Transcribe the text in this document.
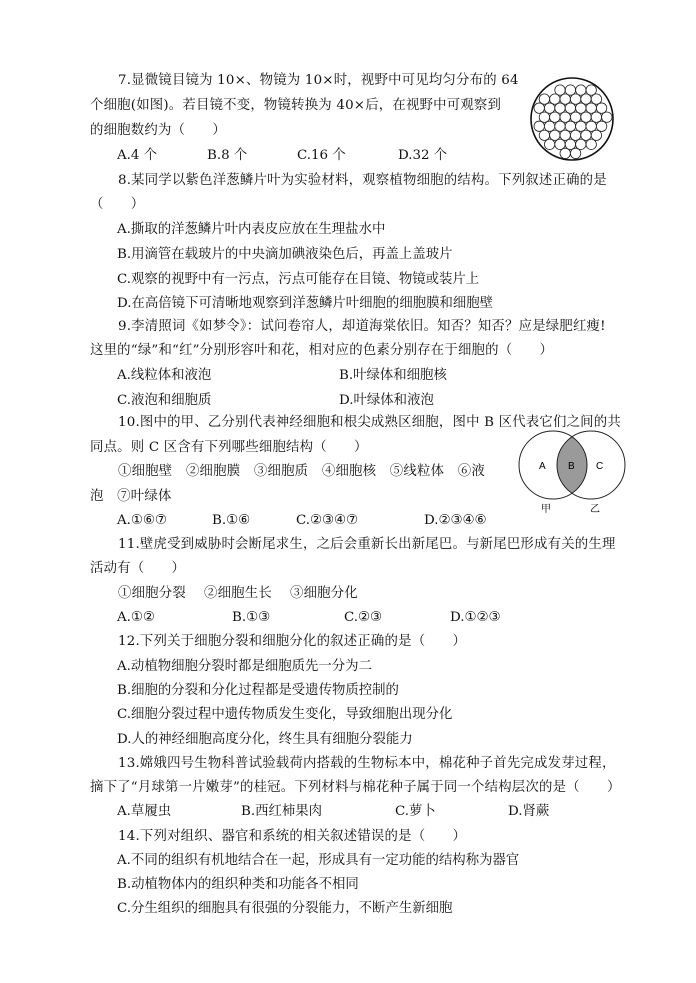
7.显微镜目镜为 10×、物镜为 10×时，视野中可见均匀分布的 64
个细胞(如图)。若目镜不变，物镜转换为 40×后，在视野中可观察到
的细胞数约为（　　）
A.4 个	B.8 个	C.16 个	D.32 个
8.某同学以紫色洋葱鳞片叶为实验材料，观察植物细胞的结构。下列叙述正确的是
（　　）
A.撕取的洋葱鳞片叶内表皮应放在生理盐水中
B.用滴管在载玻片的中央滴加碘液染色后，再盖上盖玻片
C.观察的视野中有一污点，污点可能存在目镜、物镜或装片上
D.在高倍镜下可清晰地观察到洋葱鳞片叶细胞的细胞膜和细胞壁
9.李清照词《如梦令》：试问卷帘人，却道海棠依旧。知否？知否？应是绿肥红瘦!
这里的“绿”和“红”分别形容叶和花，相对应的色素分别存在于细胞的（　　）
A.线粒体和液泡	B.叶绿体和细胞核
C.液泡和细胞质	D.叶绿体和液泡
10.图中的甲、乙分别代表神经细胞和根尖成熟区细胞，图中 B 区代表它们之间的共
同点。则 C 区含有下列哪些细胞结构（　　）
①细胞壁　②细胞膜　③细胞质　④细胞核　⑤线粒体　⑥液
泡　⑦叶绿体
A.①⑥⑦	B.①⑥	C.②③④⑦	D.②③④⑥
A B C
甲	乙
11.壁虎受到威胁时会断尾求生，之后会重新长出新尾巴。与新尾巴形成有关的生理
活动有（　　）
①细胞分裂　 ②细胞生长　 ③细胞分化
A.①②	B.①③	C.②③	D.①②③
12.下列关于细胞分裂和细胞分化的叙述正确的是（　　）
A.动植物细胞分裂时都是细胞质先一分为二
B.细胞的分裂和分化过程都是受遗传物质控制的
C.细胞分裂过程中遗传物质发生变化，导致细胞出现分化
D.人的神经细胞高度分化，终生具有细胞分裂能力
13.嫦娥四号生物科普试验载荷内搭载的生物标本中，棉花种子首先完成发芽过程，
摘下了“月球第一片嫩芽”的桂冠。下列材料与棉花种子属于同一个结构层次的是（　　）
A.草履虫	B.西红柿果肉	C.萝卜	D.肾蕨
14.下列对组织、器官和系统的相关叙述错误的是（　　）
A.不同的组织有机地结合在一起，形成具有一定功能的结构称为器官
B.动植物体内的组织种类和功能各不相同
C.分生组织的细胞具有很强的分裂能力，不断产生新细胞
